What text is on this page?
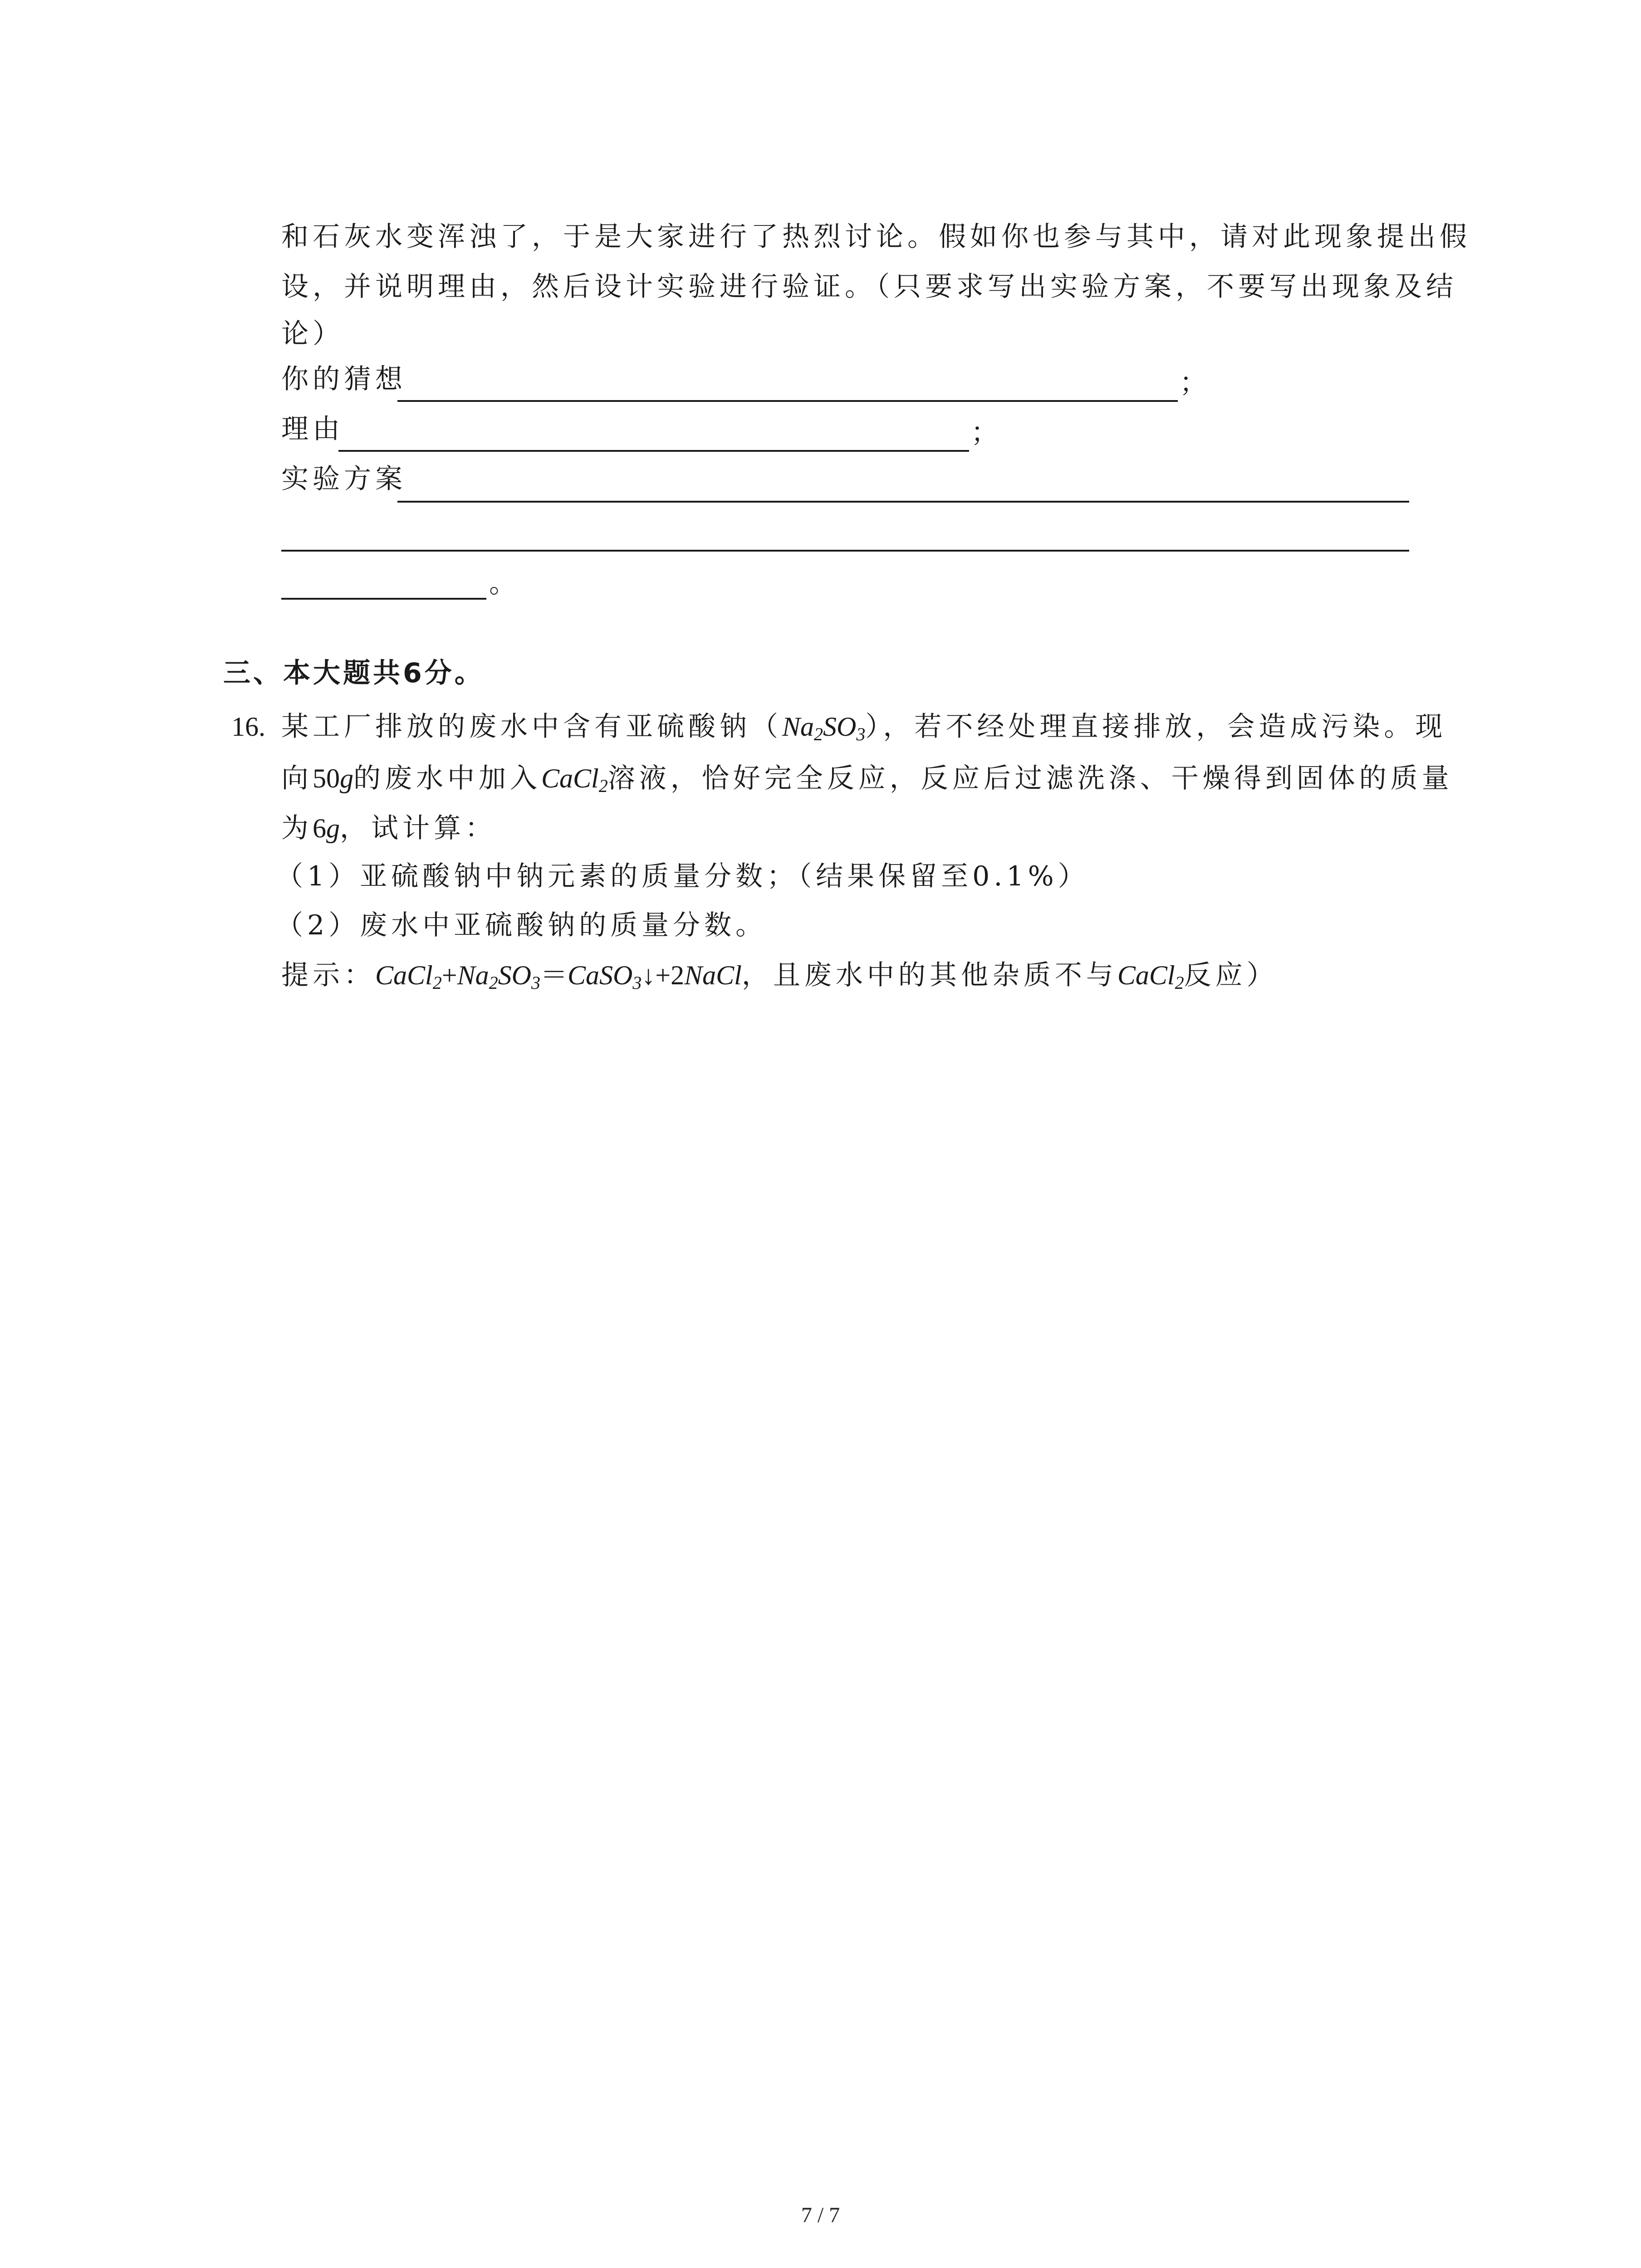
和石灰水变浑浊了，于是大家进行了热烈讨论。假如你也参与其中，请对此现象提出假
设，并说明理由，然后设计实验进行验证。（只要求写出实验方案，不要写出现象及结
论）
你的猜想	；
理由	；
实验方案
。
三、本大题共6分。
16. 某工厂排放的废水中含有亚硫酸钠$(Na_2SO_3)$，若不经处理直接排放，会造成污染。现
向50g的废水中加入CaCl$_2$溶液，恰好完全反应，反应后过滤洗涤、干燥得到固体的质量
为6g，试计算：
（1）亚硫酸钠中钠元素的质量分数；（结果保留至0.1%）
（2）废水中亚硫酸钠的质量分数。
提示：$CaCl_2+Na_2SO_3=CaSO_3↓+2NaCl$，且废水中的其他杂质不与CaCl$_2$反应）
7 / 7
